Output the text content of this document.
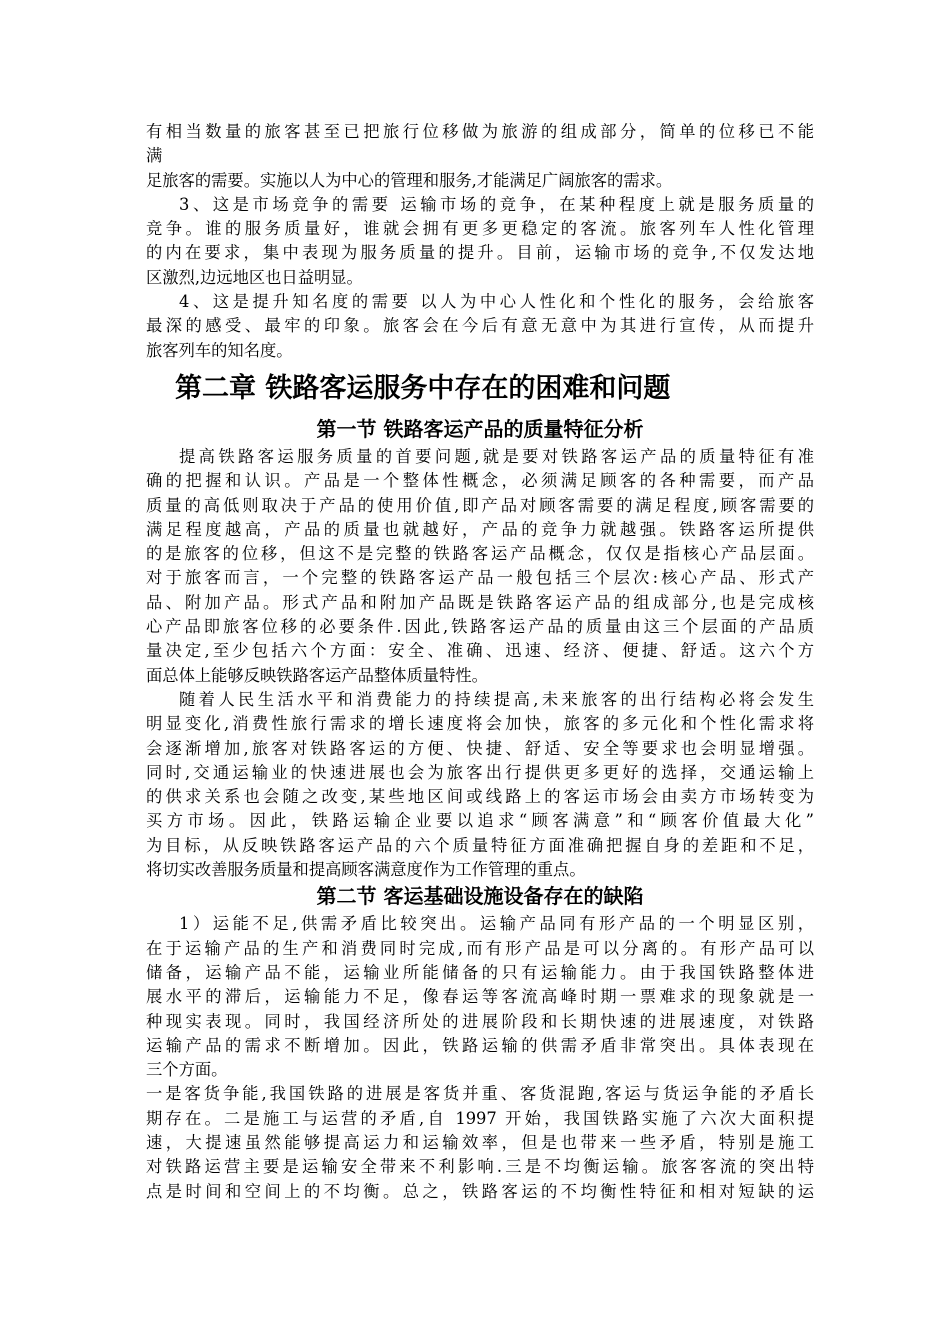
有相当数量的旅客甚至已把旅行位移做为旅游的组成部分，简单的位移已不能
满
足旅客的需要。实施以人为中心的管理和服务,才能满足广阔旅客的需求。
3、这是市场竞争的需要 运输市场的竞争，在某种程度上就是服务质量的
竞争。谁的服务质量好，谁就会拥有更多更稳定的客流。旅客列车人性化管理
的内在要求，集中表现为服务质量的提升。目前，运输市场的竞争,不仅发达地
区激烈,边远地区也日益明显。
4、这是提升知名度的需要 以人为中心人性化和个性化的服务，会给旅客
最深的感受、最牢的印象。旅客会在今后有意无意中为其进行宣传，从而提升
旅客列车的知名度。
第二章 铁路客运服务中存在的困难和问题
第一节 铁路客运产品的质量特征分析
提高铁路客运服务质量的首要问题,就是要对铁路客运产品的质量特征有准
确的把握和认识。产品是一个整体性概念，必须满足顾客的各种需要，而产品
质量的高低则取决于产品的使用价值,即产品对顾客需要的满足程度,顾客需要的
满足程度越高，产品的质量也就越好，产品的竞争力就越强。铁路客运所提供
的是旅客的位移，但这不是完整的铁路客运产品概念，仅仅是指核心产品层面。
对于旅客而言，一个完整的铁路客运产品一般包括三个层次:核心产品、形式产
品、附加产品。形式产品和附加产品既是铁路客运产品的组成部分,也是完成核
心产品即旅客位移的必要条件.因此,铁路客运产品的质量由这三个层面的产品质
量决定,至少包括六个方面：安全、准确、迅速、经济、便捷、舒适。这六个方
面总体上能够反映铁路客运产品整体质量特性。
随着人民生活水平和消费能力的持续提高,未来旅客的出行结构必将会发生
明显变化,消费性旅行需求的增长速度将会加快，旅客的多元化和个性化需求将
会逐渐增加,旅客对铁路客运的方便、快捷、舒适、安全等要求也会明显增强。
同时,交通运输业的快速进展也会为旅客出行提供更多更好的选择，交通运输上
的供求关系也会随之改变,某些地区间或线路上的客运市场会由卖方市场转变为
买方市场。因此，铁路运输企业要以追求“顾客满意”和“顾客价值最大化”
为目标，从反映铁路客运产品的六个质量特征方面准确把握自身的差距和不足，
将切实改善服务质量和提高顾客满意度作为工作管理的重点。
第二节 客运基础设施设备存在的缺陷
1）运能不足,供需矛盾比较突出。运输产品同有形产品的一个明显区别，
在于运输产品的生产和消费同时完成,而有形产品是可以分离的。有形产品可以
储备，运输产品不能，运输业所能储备的只有运输能力。由于我国铁路整体进
展水平的滞后，运输能力不足，像春运等客流高峰时期一票难求的现象就是一
种现实表现。同时，我国经济所处的进展阶段和长期快速的进展速度，对铁路
运输产品的需求不断增加。因此，铁路运输的供需矛盾非常突出。具体表现在
三个方面。
一是客货争能,我国铁路的进展是客货并重、客货混跑,客运与货运争能的矛盾长
期存在。二是施工与运营的矛盾,自 1997 开始，我国铁路实施了六次大面积提
速，大提速虽然能够提高运力和运输效率，但是也带来一些矛盾，特别是施工
对铁路运营主要是运输安全带来不利影响.三是不均衡运输。旅客客流的突出特
点是时间和空间上的不均衡。总之，铁路客运的不均衡性特征和相对短缺的运
